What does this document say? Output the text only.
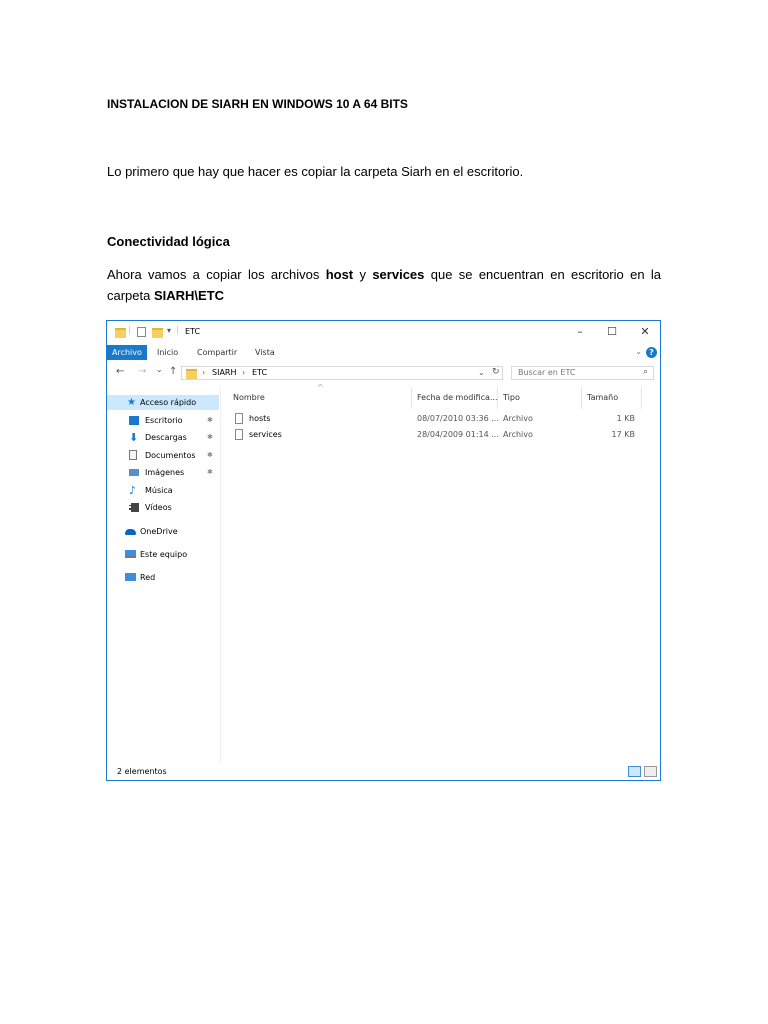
INSTALACION DE SIARH EN WINDOWS 10 A 64 BITS
Lo primero que hay que hacer es copiar la carpeta Siarh en el escritorio.
Conectividad lógica
Ahora vamos a copiar los archivos host y services que se encuentran en escritorio en la
carpeta SIARH\ETC
|	▾ | ETC	–	☐	✕
Archivo	Inicio Compartir Vista	⌄ ?
← → ⌄ ↑	› SIARH › ETC	⌄ ↻ Buscar en ETC	⌕
★ Acceso rápido
Escritorio	✱
⬇ Descargas	✱
Documentos ✱
Imágenes	✱
♪ Música
Vídeos
OneDrive
Este equipo
Red
^
Nombre	Fecha de modifica... Tipo	Tamaño
hosts	08/07/2010 03:36 ... Archivo	1 KB
services	28/04/2009 01:14 ... Archivo	17 KB
2 elementos
